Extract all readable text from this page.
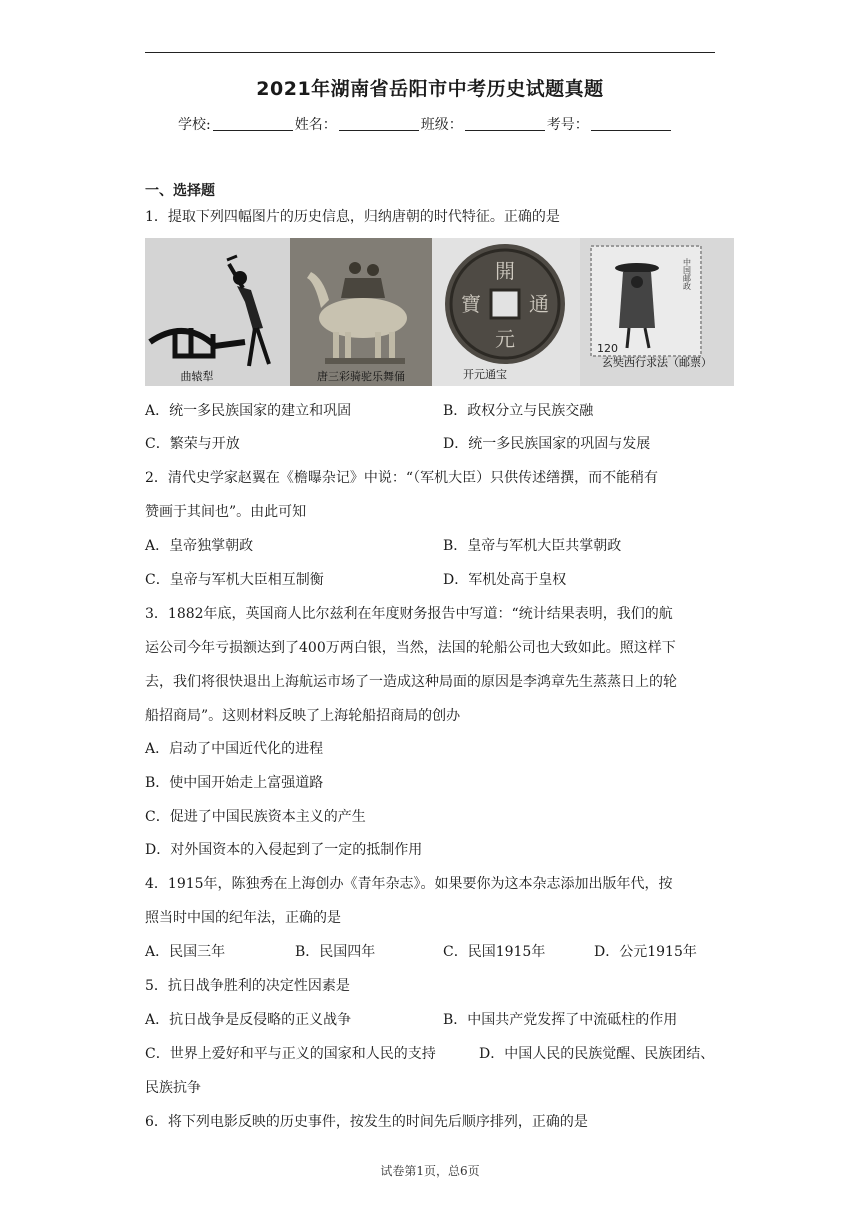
2021年湖南省岳阳市中考历史试题真题
学校:	姓名：	班级：	考号：
一、选择题
1．提取下列四幅图片的历史信息，归纳唐朝的时代特征。正确的是
開
元
通
寶
120
中国邮政
曲辕犁	唐三彩骑驼乐舞俑	开元通宝
玄奘西行求法（邮票）
A．统一多民族国家的建立和巩固	B．政权分立与民族交融
C．繁荣与开放	D．统一多民族国家的巩固与发展
2．清代史学家赵翼在《檐曝杂记》中说：“（军机大臣）只供传述缮撰，而不能稍有
赞画于其间也”。由此可知
A．皇帝独掌朝政	B．皇帝与军机大臣共掌朝政
C．皇帝与军机大臣相互制衡	D．军机处高于皇权
3．1882年底，英国商人比尔兹利在年度财务报告中写道：“统计结果表明，我们的航
运公司今年亏损额达到了400万两白银，当然，法国的轮船公司也大致如此。照这样下
去，我们将很快退出上海航运市场了一造成这种局面的原因是李鸿章先生蒸蒸日上的轮
船招商局”。这则材料反映了上海轮船招商局的创办
A．启动了中国近代化的进程
B．使中国开始走上富强道路
C．促进了中国民族资本主义的产生
D．对外国资本的入侵起到了一定的抵制作用
4．1915年，陈独秀在上海创办《青年杂志》。如果要你为这本杂志添加出版年代，按
照当时中国的纪年法，正确的是
A．民国三年	B．民国四年	C．民国1915年	D．公元1915年
5．抗日战争胜利的决定性因素是
A．抗日战争是反侵略的正义战争	B．中国共产党发挥了中流砥柱的作用
C．世界上爱好和平与正义的国家和人民的支持	D．中国人民的民族觉醒、民族团结、
民族抗争
6．将下列电影反映的历史事件，按发生的时间先后顺序排列，正确的是
试卷第1页，总6页
